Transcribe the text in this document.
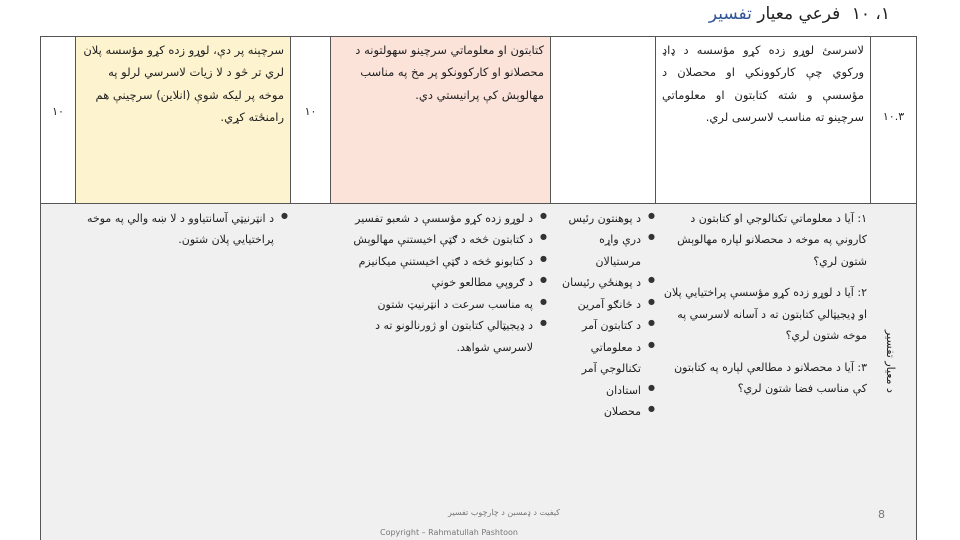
١، ١٠ فرعي معيار تفسير
١٠
سرچېنه پر دې، لوړو زده کړو مؤسسه پلان لري تر څو د لا زيات لاسرسي لرلو په موخه پر ليکه شوې (انلاين) سرچينې هم رامنځته کړي.	١٠
کتابتون او معلوماتي سرچينو سهولتونه د محصلانو او کارکوونکو پر مخ په مناسب مهالوېش کې پرانيستي دي.
لاسرسئ لوړو زده کړو مؤسسه د ډاډ ورکوي چې کارکوونکي او محصلان د مؤسسې و شته کتابتون او معلوماتي سرچينو ته مناسب لاسرسی لري.	١٠.٣
د معيار تفسير

١: آيا د معلوماتي تکنالوجي او کتابتون د کاروني په موخه د محصلانو لپاره مهالوېش شتون لري؟

٢: آيا د لوړو زده کړو مؤسسې پراختيايي پلان او ډيجيټالي کتابتون ته د آسانه لاسرسي په موخه شتون لري؟

٣: آيا د محصلانو د مطالعې لپاره په کتابتون کې مناسب فضا شتون لري؟

● د پوهنتون رئيس
● درې واړه مرستيالان
● د پوهنځي رئيسان
● د څانګو آمرين
● د کتابتون آمر
● د معلوماتي تکنالوجي آمر
● استادان
● محصلان
● د لوړو زده کړو مؤسسې د شعبو تفسير
● د کتابتون څخه د ګټې اخيستنې مهالوېش
● د کتابونو څخه د ګټې اخيستنې ميکانيزم
● د ګروپي مطالعو خونې
● په مناسب سرعت د انټرنيټ شتون
● د ډيجيټالي کتابتون او ژورنالونو ته د لاسرسي شواهد.
● د انټرنيټي آسانتياوو د لا ښه والي په موخه پراختيايي پلان شتون.
کيفيت د ډمسبن د چارچوب تفسير
Copyright – Rahmatullah Pashtoon
8
